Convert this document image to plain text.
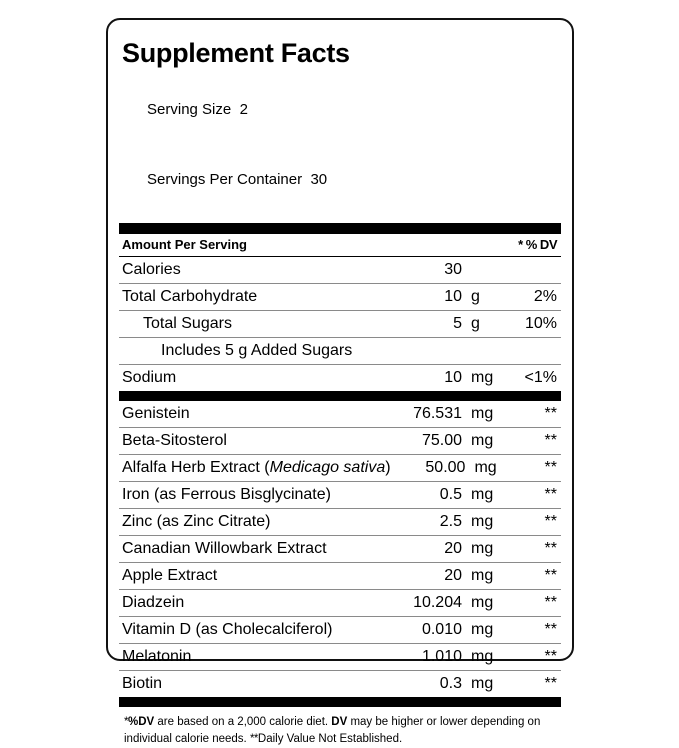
Supplement Facts

Serving Size 2

Servings Per Container 30

Amount Per Serving	* % DV
Calories	30
Total Carbohydrate	10 g	2%
Total Sugars	5 g	10%
Includes 5 g Added Sugars
Sodium	10 mg	<1%
Genistein	76.531 mg	**
Beta-Sitosterol	75.00 mg	**
Alfalfa Herb Extract (Medicago sativa)	50.00 mg	**
Iron (as Ferrous Bisglycinate)	0.5 mg	**
Zinc (as Zinc Citrate)	2.5 mg	**
Canadian Willowbark Extract	20 mg	**
Apple Extract	20 mg	**
Diadzein	10.204 mg	**
Vitamin D (as Cholecalciferol)	0.010 mg	**
Melatonin	1.010 mg	**
Biotin	0.3 mg	**
*%DV are based on a 2,000 calorie diet. DV may be higher or lower depending on individual calorie needs. **Daily Value Not Established.
